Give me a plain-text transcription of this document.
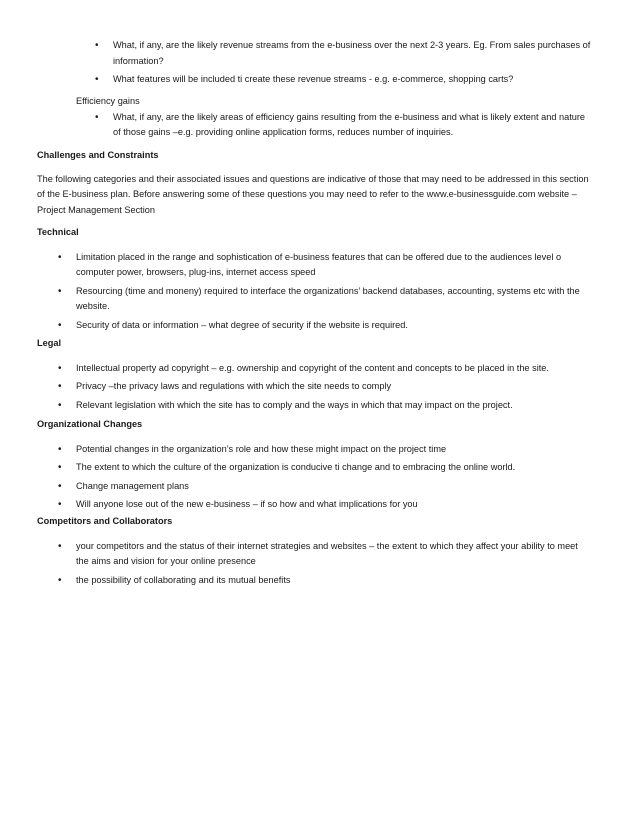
• What, if any, are the likely revenue streams from the e-business over the next 2-3 years. Eg. From sales purchases of information?
• What features will be included ti create these revenue streams - e.g. e-commerce, shopping carts?

Efficiency gains

• What, if any, are the likely areas of efficiency gains resulting from the e-business and what is likely extent and nature of those gains –e.g. providing online application forms, reduces number of inquiries.

Challenges and Constraints

The following categories and their associated issues and questions are indicative of those that may need to be addressed in this section of the E-business plan. Before answering some of these questions you may need to refer to the www.e-businessguide.com website – Project Management Section

Technical

• Limitation placed in the range and sophistication of e-business features that can be offered due to the audiences level o computer power, browsers, plug-ins, internet access speed
• Resourcing (time and moneny) required to interface the organizations’ backend databases, accounting, systems etc with the website.
• Security of data or information – what degree of security if the website is required.

Legal

• Intellectual property ad copyright – e.g. ownership and copyright of the content and concepts to be placed in the site.
• Privacy –the privacy laws and regulations with which the site needs to comply
• Relevant legislation with which the site has to comply and the ways in which that may impact on the project.

Organizational Changes

• Potential changes in the organization’s role and how these might impact on the project time
• The extent to which the culture of the organization is conducive ti change and to embracing the online world.
• Change management plans
• Will anyone lose out of the new e-business – if so how and what implications for you

Competitors and Collaborators

• your competitors and the status of their internet strategies and websites – the extent to which they affect your ability to meet the aims and vision for your online presence
• the possibility of collaborating and its mutual benefits
